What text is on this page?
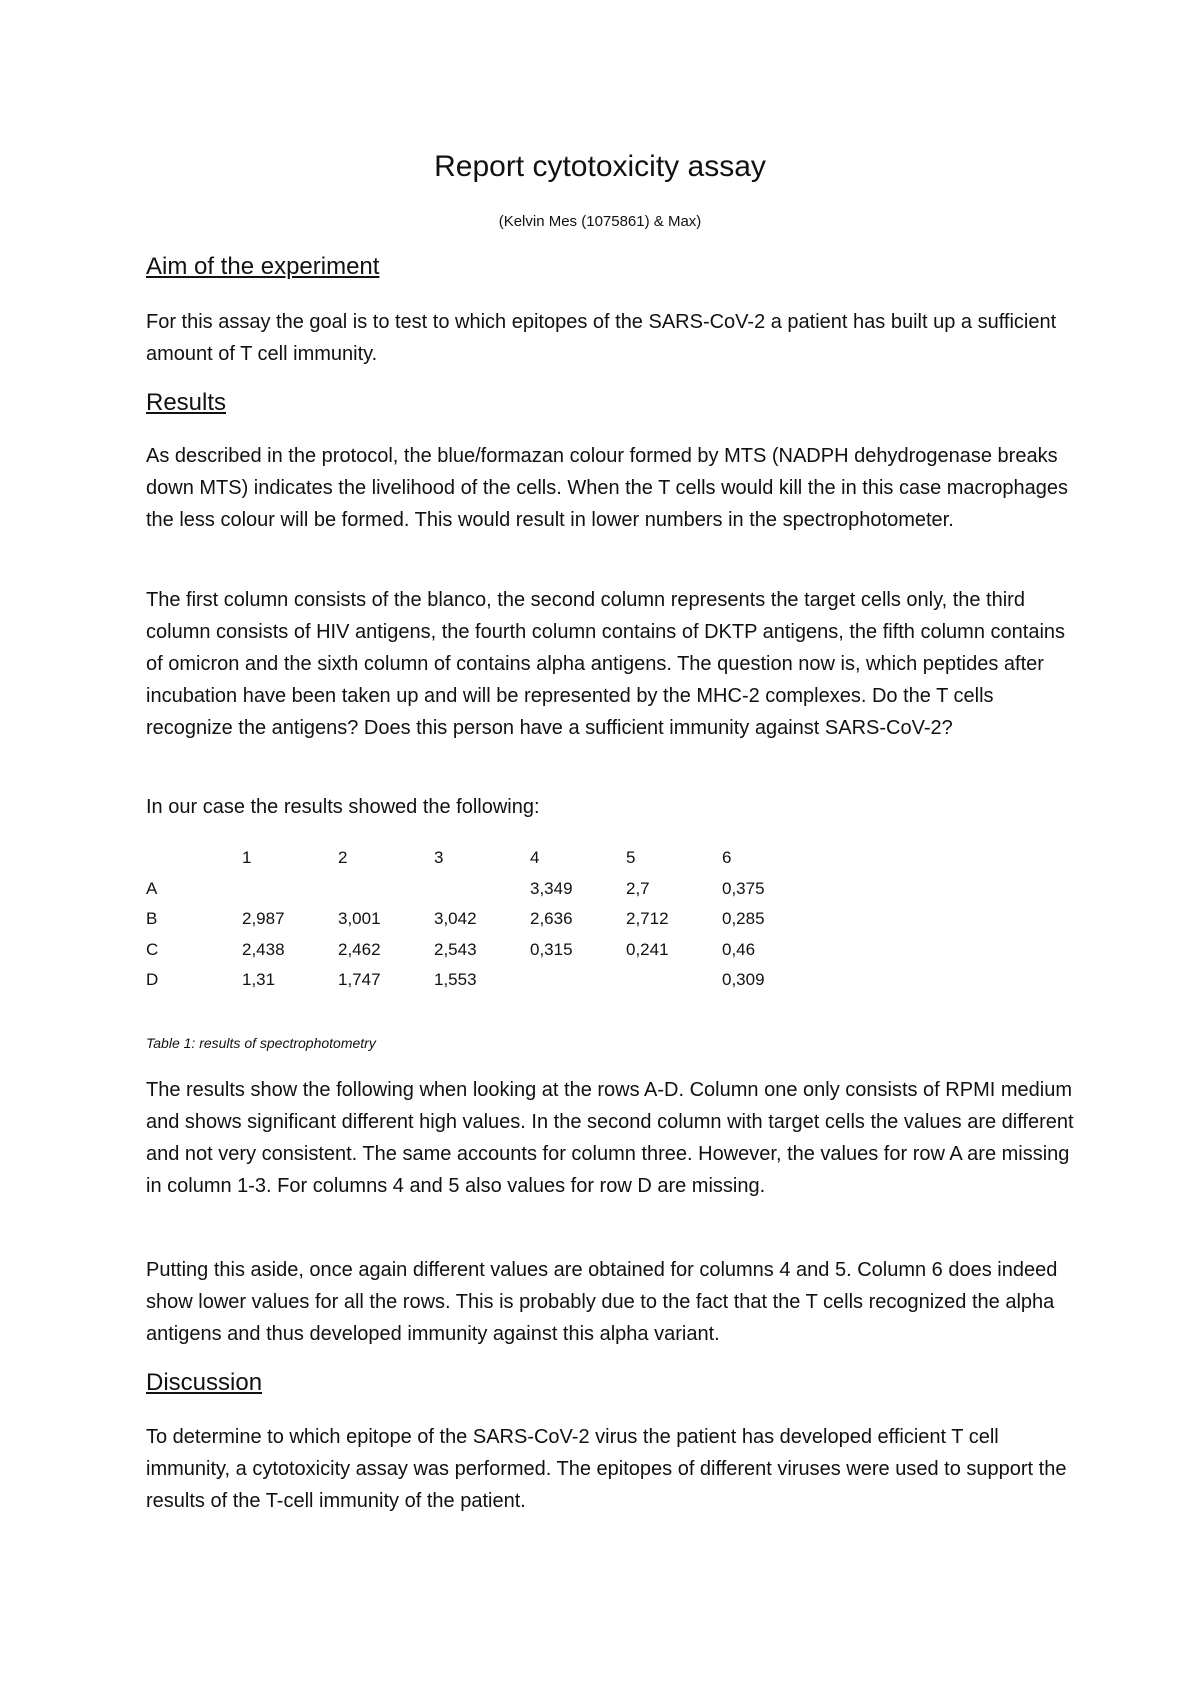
Report cytotoxicity assay

(Kelvin Mes (1075861) & Max)

Aim of the experiment

For this assay the goal is to test to which epitopes of the SARS-CoV-2 a patient has built up a sufficient amount of T cell immunity.

Results

As described in the protocol, the blue/formazan colour formed by MTS (NADPH dehydrogenase breaks down MTS) indicates the livelihood of the cells. When the T cells would kill the in this case macrophages the less colour will be formed. This would result in lower numbers in the spectrophotometer.

The first column consists of the blanco, the second column represents the target cells only, the third column consists of HIV antigens, the fourth column contains of DKTP antigens, the fifth column contains of omicron and the sixth column of contains alpha antigens. The question now is, which peptides after incubation have been taken up and will be represented by the MHC-2 complexes. Do the T cells recognize the antigens? Does this person have a sufficient immunity against SARS-CoV-2?

In our case the results showed the following:

	1	2	3	4	5	6
A				3,349	2,7	0,375
B	2,987	3,001	3,042	2,636	2,712	0,285
C	2,438	2,462	2,543	0,315	0,241	0,46
D	1,31	1,747	1,553			0,309

Table 1: results of spectrophotometry

The results show the following when looking at the rows A-D. Column one only consists of RPMI medium and shows significant different high values. In the second column with target cells the values are different and not very consistent. The same accounts for column three. However, the values for row A are missing in column 1-3. For columns 4 and 5 also values for row D are missing.

Putting this aside, once again different values are obtained for columns 4 and 5. Column 6 does indeed show lower values for all the rows. This is probably due to the fact that the T cells recognized the alpha antigens and thus developed immunity against this alpha variant.

Discussion

To determine to which epitope of the SARS-CoV-2 virus the patient has developed efficient T cell immunity, a cytotoxicity assay was performed. The epitopes of different viruses were used to support the results of the T-cell immunity of the patient.
